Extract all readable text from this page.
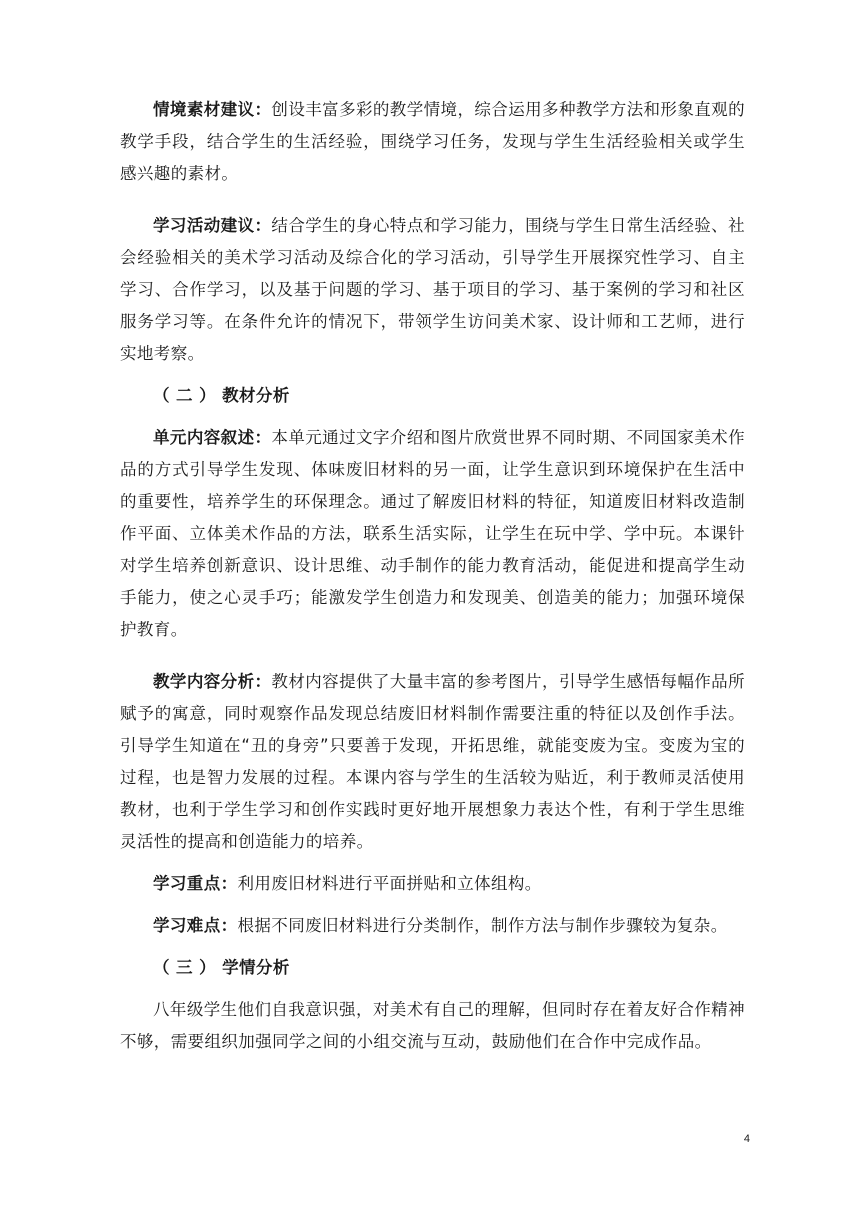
情境素材建议：创设丰富多彩的教学情境，综合运用多种教学方法和形象直观的教学手段，结合学生的生活经验，围绕学习任务，发现与学生生活经验相关或学生感兴趣的素材。

学习活动建议：结合学生的身心特点和学习能力，围绕与学生日常生活经验、社会经验相关的美术学习活动及综合化的学习活动，引导学生开展探究性学习、自主学习、合作学习，以及基于问题的学习、基于项目的学习、基于案例的学习和社区服务学习等。在条件允许的情况下，带领学生访问美术家、设计师和工艺师，进行实地考察。

（ 二 ） 教材分析

单元内容叙述：本单元通过文字介绍和图片欣赏世界不同时期、不同国家美术作品的方式引导学生发现、体味废旧材料的另一面，让学生意识到环境保护在生活中的重要性，培养学生的环保理念。通过了解废旧材料的特征，知道废旧材料改造制作平面、立体美术作品的方法，联系生活实际，让学生在玩中学、学中玩。本课针对学生培养创新意识、设计思维、动手制作的能力教育活动，能促进和提高学生动手能力，使之心灵手巧；能激发学生创造力和发现美、创造美的能力；加强环境保护教育。

教学内容分析：教材内容提供了大量丰富的参考图片，引导学生感悟每幅作品所赋予的寓意，同时观察作品发现总结废旧材料制作需要注重的特征以及创作手法。引导学生知道在“丑的身旁”只要善于发现，开拓思维，就能变废为宝。变废为宝的过程，也是智力发展的过程。本课内容与学生的生活较为贴近，利于教师灵活使用教材，也利于学生学习和创作实践时更好地开展想象力表达个性，有利于学生思维灵活性的提高和创造能力的培养。

学习重点：利用废旧材料进行平面拼贴和立体组构。

学习难点：根据不同废旧材料进行分类制作，制作方法与制作步骤较为复杂。

（ 三 ） 学情分析

八年级学生他们自我意识强，对美术有自己的理解，但同时存在着友好合作精神不够，需要组织加强同学之间的小组交流与互动，鼓励他们在合作中完成作品。

4
